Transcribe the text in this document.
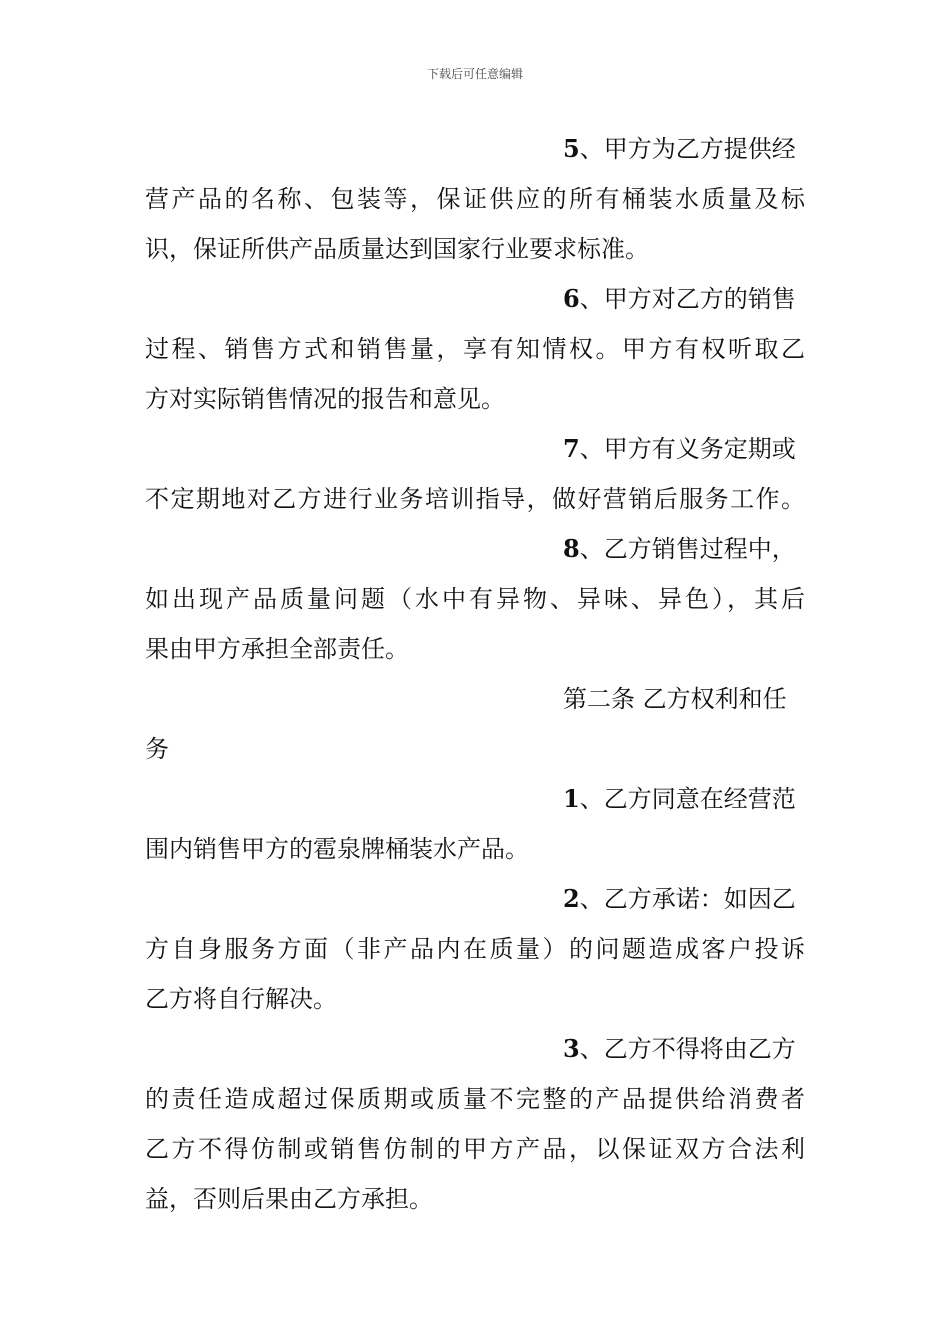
下载后可任意编辑
5、甲方为乙方提供经
营产品的名称、包装等，保证供应的所有桶装水质量及标
识，保证所供产品质量达到国家行业要求标准。
6、甲方对乙方的销售
过程、销售方式和销售量，享有知情权。甲方有权听取乙
方对实际销售情况的报告和意见。
7、甲方有义务定期或
不定期地对乙方进行业务培训指导，做好营销后服务工作。
8、乙方销售过程中，
如出现产品质量问题（水中有异物、异味、异色），其后
果由甲方承担全部责任。
第二条 乙方权利和任
务
1、乙方同意在经营范
围内销售甲方的雹泉牌桶装水产品。
2、乙方承诺：如因乙
方自身服务方面（非产品内在质量）的问题造成客户投诉
乙方将自行解决。
3、乙方不得将由乙方
的责任造成超过保质期或质量不完整的产品提供给消费者
乙方不得仿制或销售仿制的甲方产品，以保证双方合法利
益，否则后果由乙方承担。
